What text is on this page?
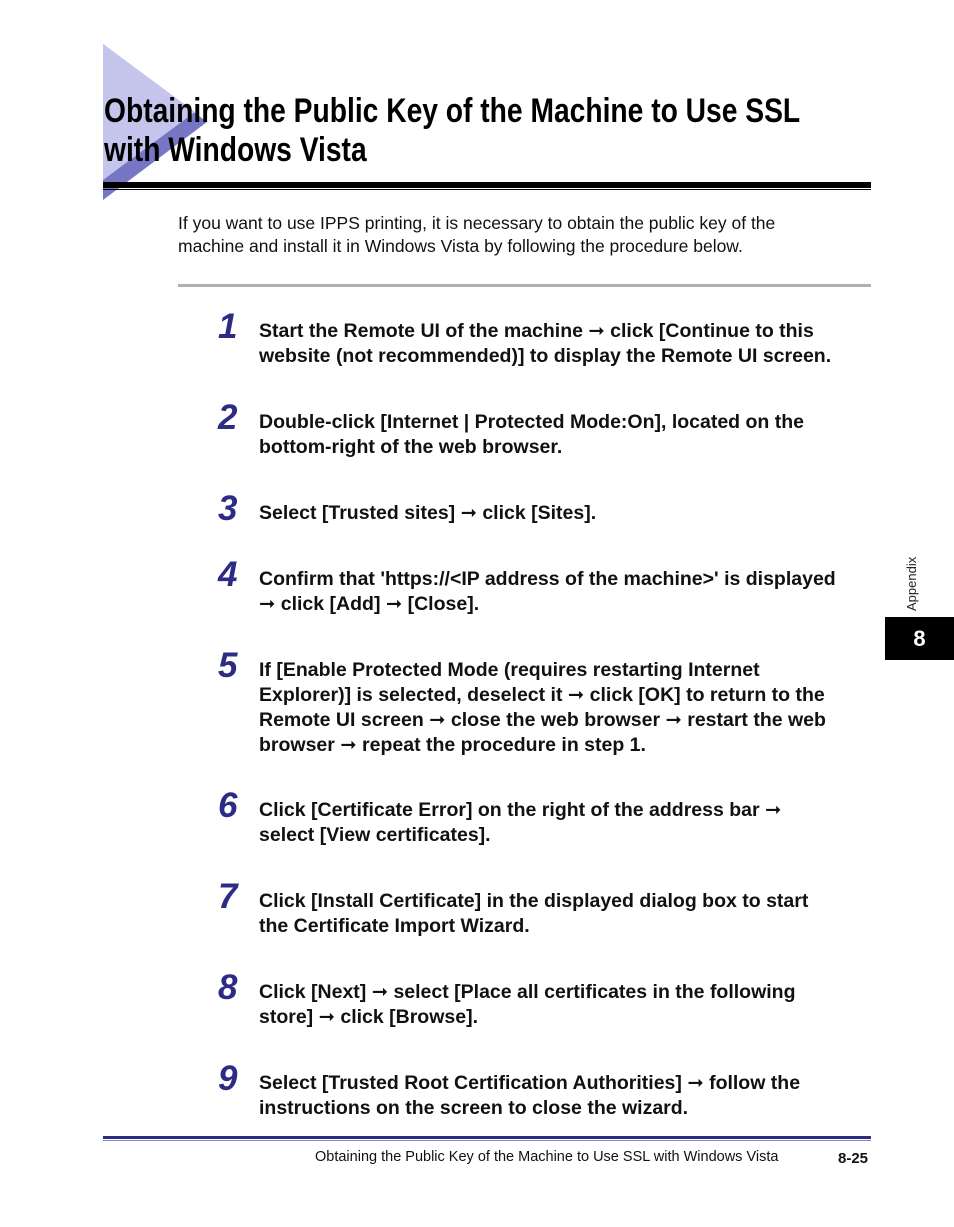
Obtaining the Public Key of the Machine to Use SSL
with Windows Vista

If you want to use IPPS printing, it is necessary to obtain the public key of the
machine and install it in Windows Vista by following the procedure below.

1	Start the Remote UI of the machine ➞ click [Continue to this
website (not recommended)] to display the Remote UI screen.
2	Double-click [Internet | Protected Mode:On], located on the
bottom-right of the web browser.
3	Select [Trusted sites] ➞ click [Sites].
4	Confirm that 'https://<IP address of the machine>' is displayed
➞ click [Add] ➞ [Close].
5	If [Enable Protected Mode (requires restarting Internet
Explorer)] is selected, deselect it ➞ click [OK] to return to the
Remote UI screen ➞ close the web browser ➞ restart the web
browser ➞ repeat the procedure in step 1.
6	Click [Certificate Error] on the right of the address bar ➞
select [View certificates].
7	Click [Install Certificate] in the displayed dialog box to start
the Certificate Import Wizard.
8	Click [Next] ➞ select [Place all certificates in the following
store] ➞ click [Browse].
9	Select [Trusted Root Certification Authorities] ➞ follow the
instructions on the screen to close the wizard.
Appendix
8
Obtaining the Public Key of the Machine to Use SSL with Windows Vista	8-25
